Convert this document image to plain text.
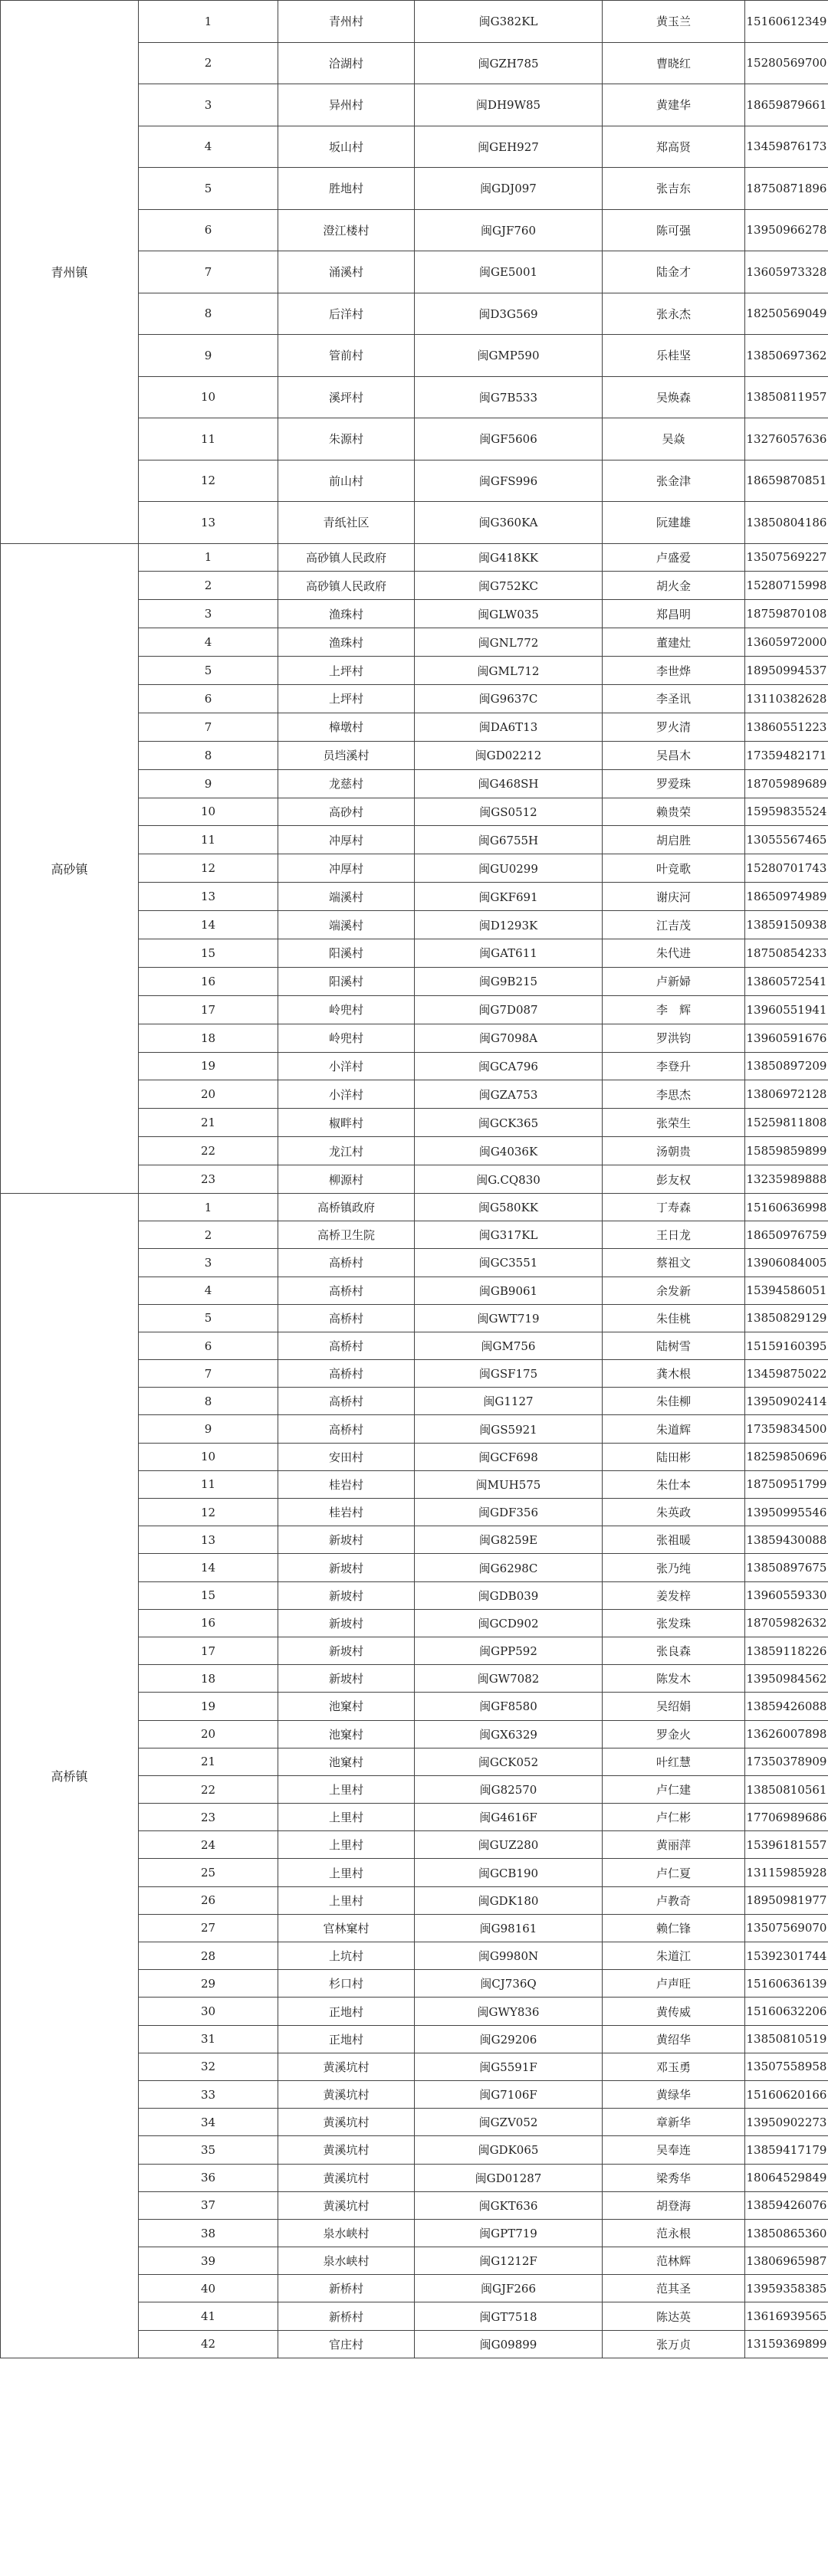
青州镇	1	青州村	闽G382KL	黄玉兰	15160612349
	2	洽湖村	闽GZH785	曹晓红	15280569700
	3	异州村	闽DH9W85	黄建华	18659879661
	4	坂山村	闽GEH927	郑高贤	13459876173
	5	胜地村	闽GDJ097	张吉东	18750871896
	6	澄江楼村	闽GJF760	陈可强	13950966278
	7	涌溪村	闽GE5001	陆金才	13605973328
	8	后洋村	闽D3G569	张永杰	18250569049
	9	管前村	闽GMP590	乐桂坚	13850697362
	10	溪坪村	闽G7B533	吴焕森	13850811957
	11	朱源村	闽GF5606	吴焱	13276057636
	12	前山村	闽GFS996	张金津	18659870851
	13	青纸社区	闽G360KA	阮建雄	13850804186
高砂镇	1	高砂镇人民政府	闽G418KK	卢盛爱	13507569227
	2	高砂镇人民政府	闽G752KC	胡火金	15280715998
	3	渔珠村	闽GLW035	郑昌明	18759870108
	4	渔珠村	闽GNL772	董建灶	13605972000
	5	上坪村	闽GML712	李世烨	18950994537
	6	上坪村	闽G9637C	李圣讯	13110382628
	7	樟墩村	闽DA6T13	罗火清	13860551223
	8	员垱溪村	闽GD02212	吴昌木	17359482171
	9	龙慈村	闽G468SH	罗爱珠	18705989689
	10	高砂村	闽GS0512	赖贵荣	15959835524
	11	冲厚村	闽G6755H	胡启胜	13055567465
	12	冲厚村	闽GU0299	叶竞歌	15280701743
	13	端溪村	闽GKF691	谢庆河	18650974989
	14	端溪村	闽D1293K	江吉茂	13859150938
	15	阳溪村	闽GAT611	朱代进	18750854233
	16	阳溪村	闽G9B215	卢新婦	13860572541
	17	岭兜村	闽G7D087	李　辉	13960551941
	18	岭兜村	闽G7098A	罗洪钧	13960591676
	19	小洋村	闽GCA796	李登升	13850897209
	20	小洋村	闽GZA753	李思杰	13806972128
	21	椒畔村	闽GCK365	张荣生	15259811808
	22	龙江村	闽G4036K	汤朝贵	15859859899
	23	柳源村	闽G.CQ830	彭友权	13235989888
高桥镇	1	高桥镇政府	闽G580KK	丁寿森	15160636998
	2	高桥卫生院	闽G317KL	王日龙	18650976759
	3	高桥村	闽GC3551	蔡祖文	13906084005
	4	高桥村	闽GB9061	余发新	15394586051
	5	高桥村	闽GWT719	朱佳桃	13850829129
	6	高桥村	闽GM756	陆树雪	15159160395
	7	高桥村	闽GSF175	龚木根	13459875022
	8	高桥村	闽G1127	朱佳柳	13950902414
	9	高桥村	闽GS5921	朱道辉	17359834500
	10	安田村	闽GCF698	陆田彬	18259850696
	11	桂岩村	闽MUH575	朱仕本	18750951799
	12	桂岩村	闽GDF356	朱英政	13950995546
	13	新坡村	闽G8259E	张祖暖	13859430088
	14	新坡村	闽G6298C	张乃纯	13850897675
	15	新坡村	闽GDB039	姜发梓	13960559330
	16	新坡村	闽GCD902	张发珠	18705982632
	17	新坡村	闽GPP592	张良森	13859118226
	18	新坡村	闽GW7082	陈发木	13950984562
	19	池窠村	闽GF8580	吴绍娟	13859426088
	20	池窠村	闽GX6329	罗金火	13626007898
	21	池窠村	闽GCK052	叶红慧	17350378909
	22	上里村	闽G82570	卢仁建	13850810561
	23	上里村	闽G4616F	卢仁彬	17706989686
	24	上里村	闽GUZ280	黄丽萍	15396181557
	25	上里村	闽GCB190	卢仁夏	13115985928
	26	上里村	闽GDK180	卢教奇	18950981977
	27	官林窠村	闽G98161	赖仁锋	13507569070
	28	上坑村	闽G9980N	朱道江	15392301744
	29	杉口村	闽CJ736Q	卢声旺	15160636139
	30	正地村	闽GWY836	黄传威	15160632206
	31	正地村	闽G29206	黄绍华	13850810519
	32	黄溪坑村	闽G5591F	邓玉勇	13507558958
	33	黄溪坑村	闽G7106F	黄绿华	15160620166
	34	黄溪坑村	闽GZV052	章新华	13950902273
	35	黄溪坑村	闽GDK065	吴奉连	13859417179
	36	黄溪坑村	闽GD01287	梁秀华	18064529849
	37	黄溪坑村	闽GKT636	胡登海	13859426076
	38	泉水峡村	闽GPT719	范永根	13850865360
	39	泉水峡村	闽G1212F	范林辉	13806965987
	40	新桥村	闽GJF266	范其圣	13959358385
	41	新桥村	闽GT7518	陈达英	13616939565
	42	官庄村	闽G09899	张万贞	13159369899
